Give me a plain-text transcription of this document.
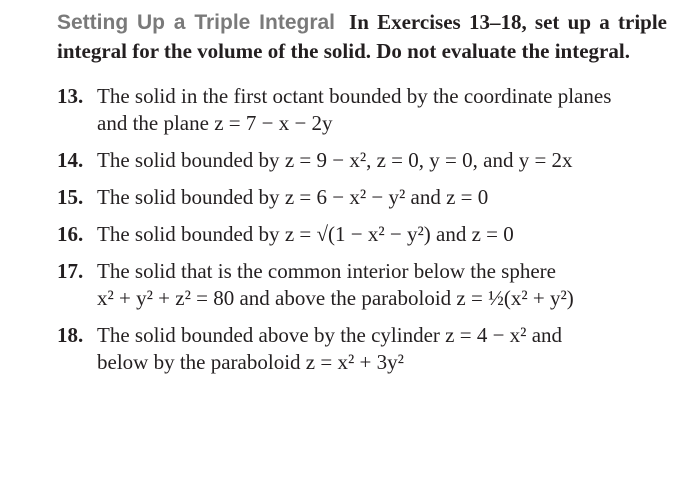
Setting Up a Triple Integral In Exercises 13–18, set up a triple integral for the volume of the solid. Do not evaluate the integral.

13. The solid in the first octant bounded by the coordinate planes
and the plane z = 7 − x − 2y
14. The solid bounded by z = 9 − x², z = 0, y = 0, and y = 2x
15. The solid bounded by z = 6 − x² − y² and z = 0
16. The solid bounded by z = √(1 − x² − y²) and z = 0
17. The solid that is the common interior below the sphere
x² + y² + z² = 80 and above the paraboloid z = ½(x² + y²)
18. The solid bounded above by the cylinder z = 4 − x² and
below by the paraboloid z = x² + 3y²
